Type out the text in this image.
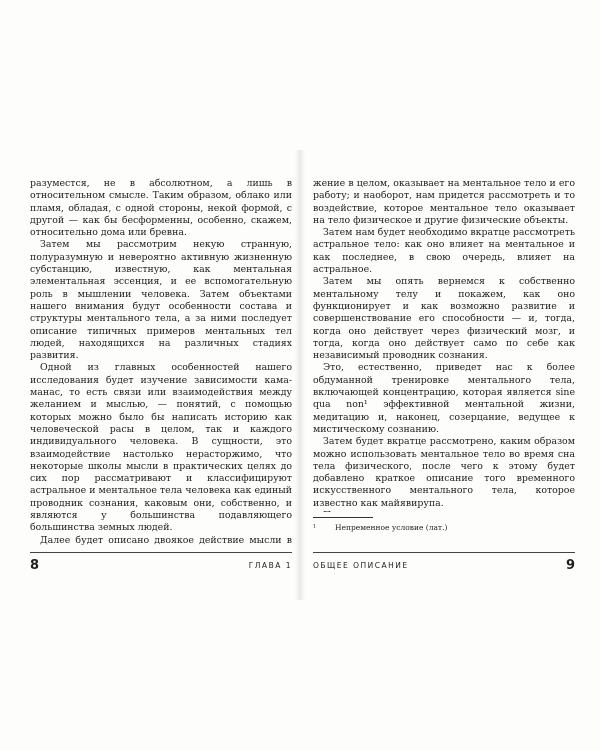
разуместся, не в абсолютном, а лишь в относительном смысле. Таким образом, облако или пламя, обладая, с одной стороны, некой формой, с другой — как бы бесформенны, особенно, скажем, относительно дома или бревна.

Затем мы рассмотрим некую странную, полуразумную и невероятно активную жизненную субстанцию, известную, как ментальная элементальная эссенция, и ее вспомогательную роль в мышлении человека. Затем объектами нашего внимания будут особенности состава и структуры ментального тела, а за ними последует описание типичных примеров ментальных тел людей, находящихся на различных стадиях развития.

Одной из главных особенностей нашего исследования будет изучение зависимости кама-манас, то есть связи или взаимодействия между желанием и мыслью, — понятий, с помощью которых можно было бы написать историю как человеческой расы в целом, так и каждого индивидуального человека. В сущности, это взаимодействие настолько нерасторжимо, что некоторые школы мысли в практических целях до сих пор рассматривают и классифицируют астральное и ментальное тела человека как единый проводник сознания, каковым они, собственно, и являются у большинства подавляющего большинства земных людей.

Далее будет описано двоякое действие мысли в

8	ГЛАВА 1

жение в целом, оказывает на ментальное тело и его работу; и наоборот, нам придется рассмотреть и то воздействие, которое ментальное тело оказывает на тело физическое и другие физические объекты.

Затем нам будет необходимо вкратце рассмотреть астральное тело: как оно влияет на ментальное и как последнее, в свою очередь, влияет на астральное.

Затем мы опять вернемся к собственно ментальному телу и покажем, как оно функционирует и как возможно развитие и совершенствование его способности — и, тогда, когда оно действует через физический мозг, и тогда, когда оно действует само по себе как независимый проводник сознания.

Это, естественно, приведет нас к более обдуманной тренировке ментального тела, включающей концентрацию, которая является sine qua non¹ эффективной ментальной жизни, медитацию и, наконец, созерцание, ведущее к мистическому сознанию.

Затем будет вкратце рассмотрено, каким образом можно использовать ментальное тело во время сна тела физического, после чего к этому будет добавлено краткое описание того временного искусственного ментального тела, которое известно как майявирупа.

¹	Непременное условие (лат.)
ОБЩЕЕ ОПИСАНИЕ	9
